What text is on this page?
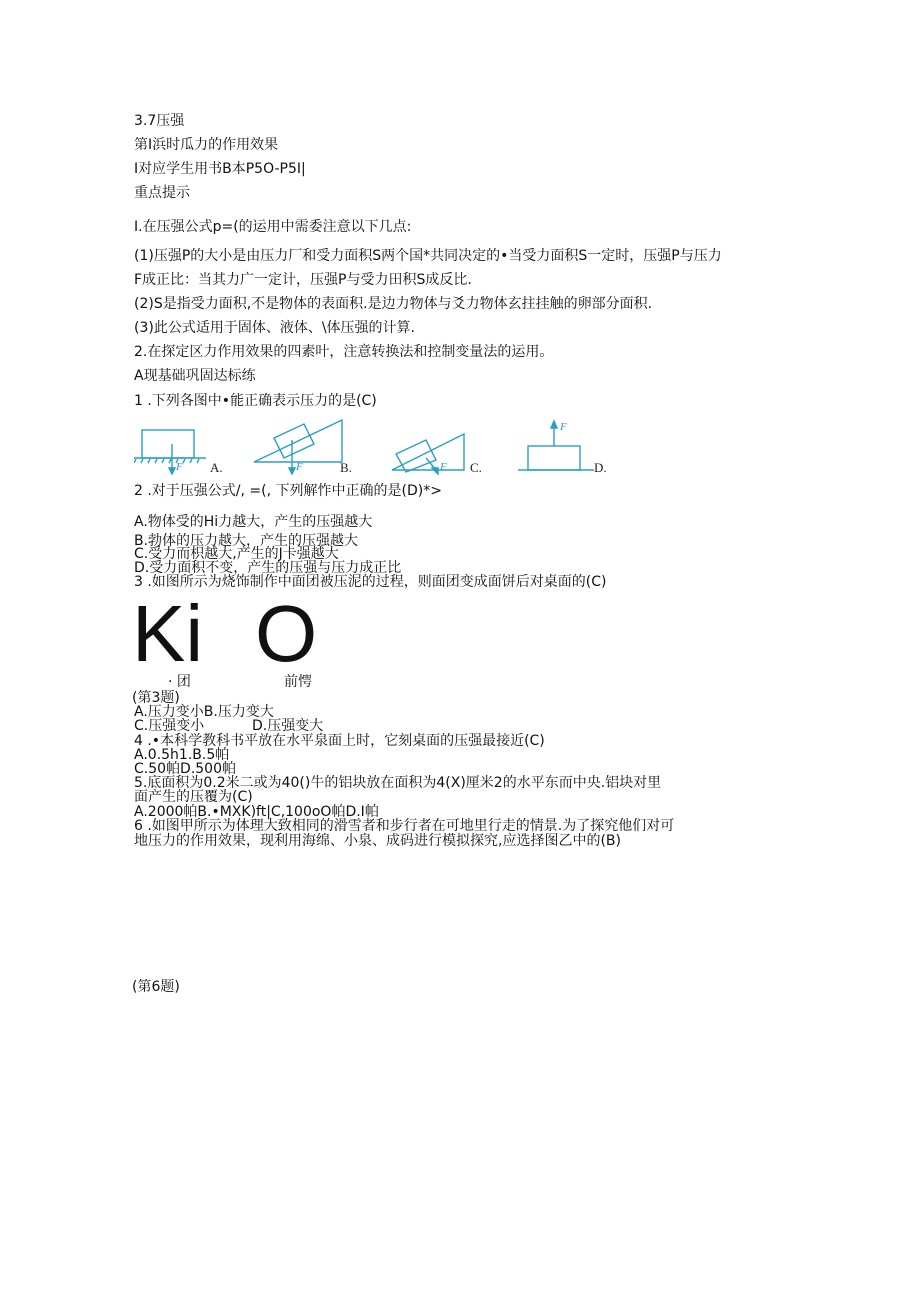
3.7压强
第I浜时瓜力的作用效果
I对应学生用书B本P5O-P5I|
重点提示
I.在压强公式p=(的运用中需委注意以下几点:
(1)压强P的大小是由压力厂和受力面积S两个国*共同决定的•当受力面积S一定时，压强P与压力
F成正比：当其力广一定计，压强P与受力田积S成反比.
(2)S是指受力面积,不是物体的表面积.是边力物体与爻力物体玄拄挂触的卵部分面积.
(3)此公式适用于固体、液体、\体压强的计算.
2.在探定区力作用效果的四素叶，注意转换法和控制变量法的运用。
A现基础巩固达标练
1 .下列各图中•能正确表示压力的是(C)
F A.	F	B.	F C.
F
D.
2 .对于压强公式/, =(, 下列解怍中正确的是(D)*>
A.物体受的Hi力越大，产生的压强越大
B.勃体的压力越大，产生的压强越大
C.受力而枳越大,产生的J卡强越大
D.受力面积不变，产生的压强与压力成正比
3 .如图所示为烧饰制作中面团被压泥的过程，则面团变成面饼后对桌面的(C)
Ki O
· 团	前愕
(第3题)
A.压力变小B.压力变大
C.压强变小	D.压强变大
4 .•本科学教科书平放在水平泉面上时，它刻桌面的压强最接近(C)
A.0.5h1.B.5帕
C.50帕D.500帕
5.底面积为0.2米二或为40()牛的铝块放在面积为4(X)厘米2的水平东而中央.铝块对里
面产生的压覆为(C)
A.2000帕B.•MXK)ft|C,100oO帕D.I帕
6 .如图甲所示为体理大致相同的滑雪者和步行者在可地里行走的情景.为了探究他们对可
地压力的作用效果，现利用海绵、小泉、成码进行模拟探究,应选择图乙中的(B)
(第6题)
